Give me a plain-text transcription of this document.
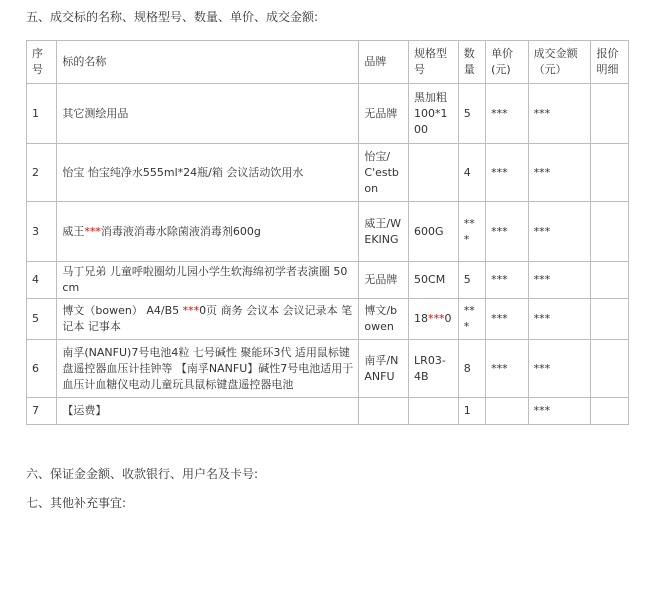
五、成交标的名称、规格型号、数量、单价、成交金额:
序号	标的名称	品牌	规格型号	数量	单价(元)	成交金额（元）	报价明细
1	其它测绘用品	无品牌	黑加粗100*100	5	***	***	
2	怡宝 怡宝纯净水555ml*24瓶/箱 会议活动饮用水	怡宝/C'estbon		4	***	***	
3	威王***消毒液消毒水除菌液消毒剂600g	威王/WEKING	600G	***	***	***	
4	马丁兄弟 儿童呼啦圈幼儿园小学生软海绵初学者表演圈 50cm	无品牌	50CM	5	***	***	
5	博文（bowen） A4/B5 ***0页 商务 会议本 会议记录本 笔记本 记事本	博文/bowen	18***0	***	***	***	
6	南孚(NANFU)7号电池4粒 七号碱性 聚能环3代 适用鼠标键盘遥控器血压计挂钟等 【南孚NANFU】碱性7号电池适用于血压计血糖仪电动儿童玩具鼠标键盘遥控器电池	南孚/NANFU	LR03-4B	8	***	***	
7	【运费】			1		***	
六、保证金金额、收款银行、用户名及卡号:
七、其他补充事宜:
